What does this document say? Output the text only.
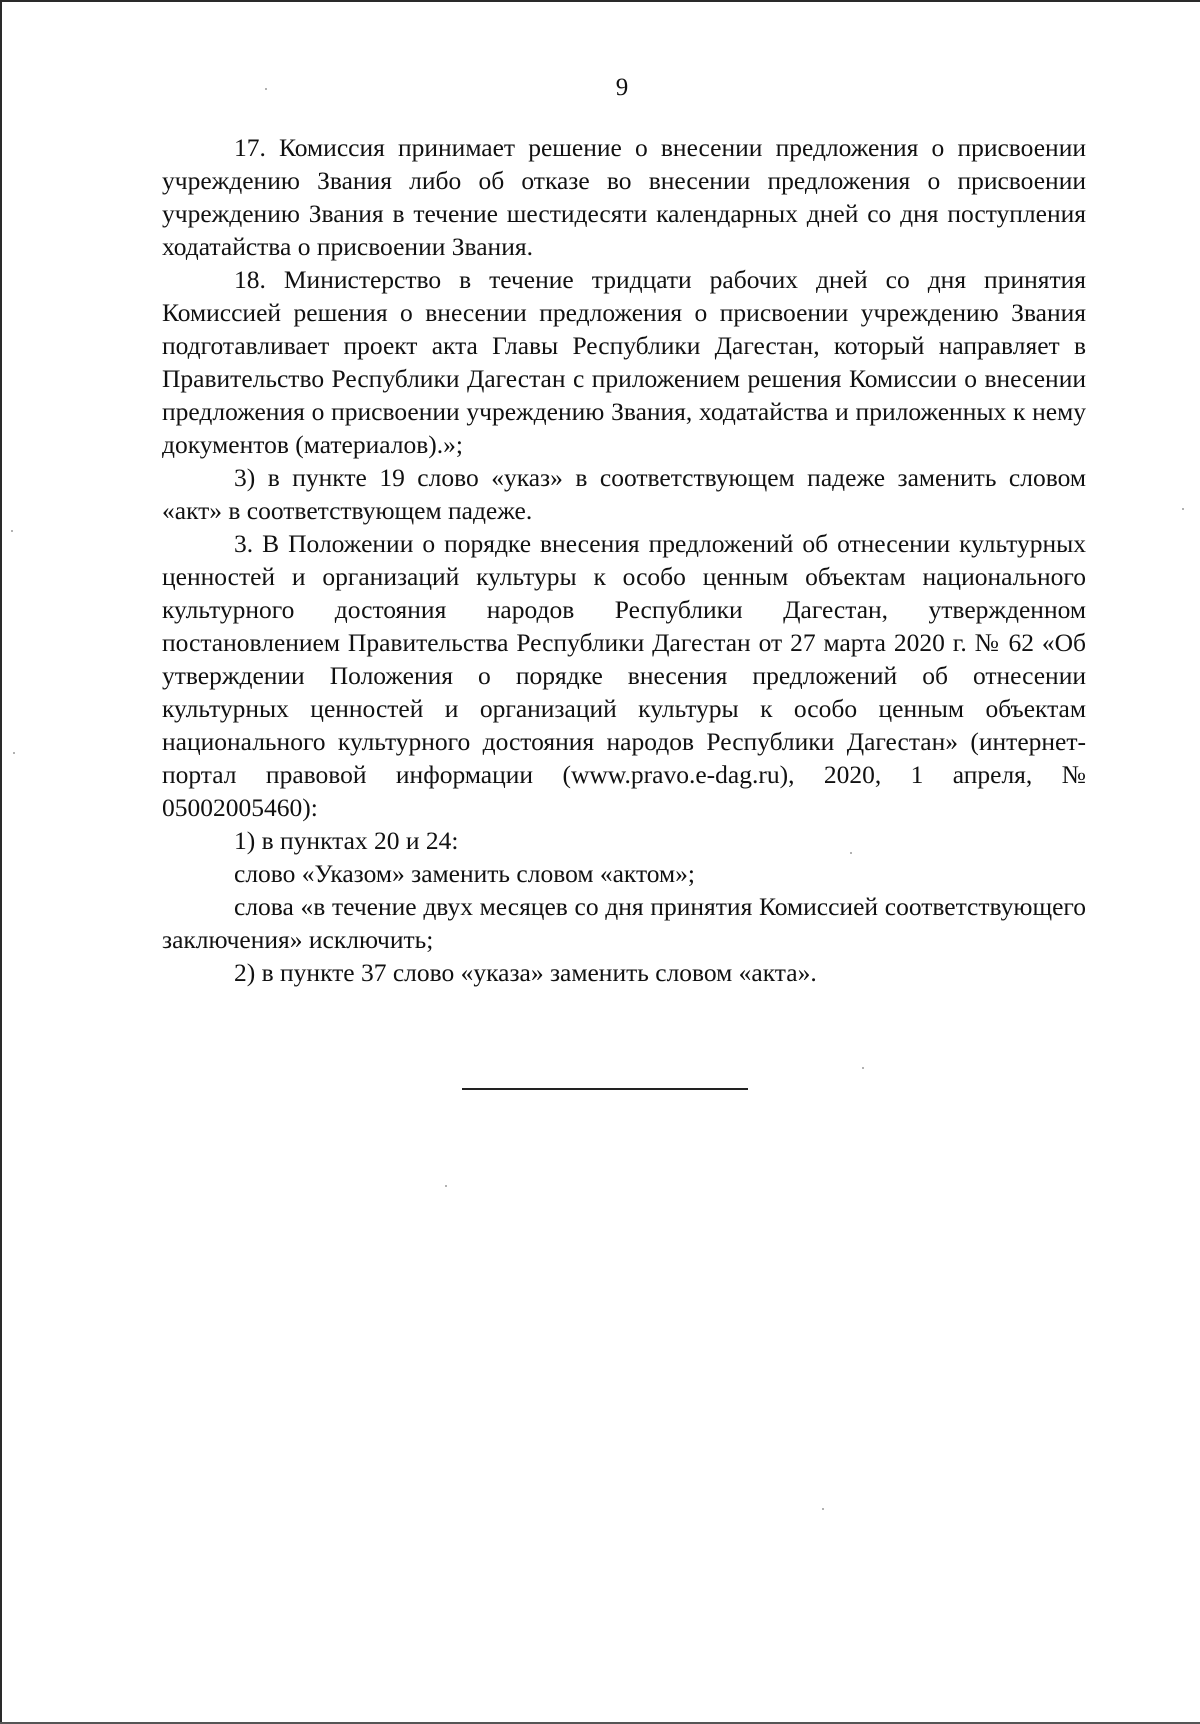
9

17. Комиссия принимает решение о внесении предложения о присвоении учреждению Звания либо об отказе во внесении предложения о присвоении учреждению Звания в течение шестидесяти календарных дней со дня поступления ходатайства о присвоении Звания.

18. Министерство в течение тридцати рабочих дней со дня принятия Комиссией решения о внесении предложения о присвоении учреждению Звания подготавливает проект акта Главы Республики Дагестан, который направляет в Правительство Республики Дагестан с приложением решения Комиссии о внесении предложения о присвоении учреждению Звания, ходатайства и приложенных к нему документов (материалов).»;

3) в пункте 19 слово «указ» в соответствующем падеже заменить словом «акт» в соответствующем падеже.

3. В Положении о порядке внесения предложений об отнесении культурных ценностей и организаций культуры к особо ценным объектам национального культурного достояния народов Республики Дагестан, утвержденном постановлением Правительства Республики Дагестан от 27 марта 2020 г. № 62 «Об утверждении Положения о порядке внесения предложений об отнесении культурных ценностей и организаций культуры к особо ценным объектам национального культурного достояния народов Республики Дагестан» (интернет-портал правовой информации (www.pravo.e-dag.ru), 2020, 1 апреля, № 05002005460):

1) в пунктах 20 и 24:

слово «Указом» заменить словом «актом»;

слова «в течение двух месяцев со дня принятия Комиссией соответствующего заключения» исключить;

2) в пункте 37 слово «указа» заменить словом «акта».
